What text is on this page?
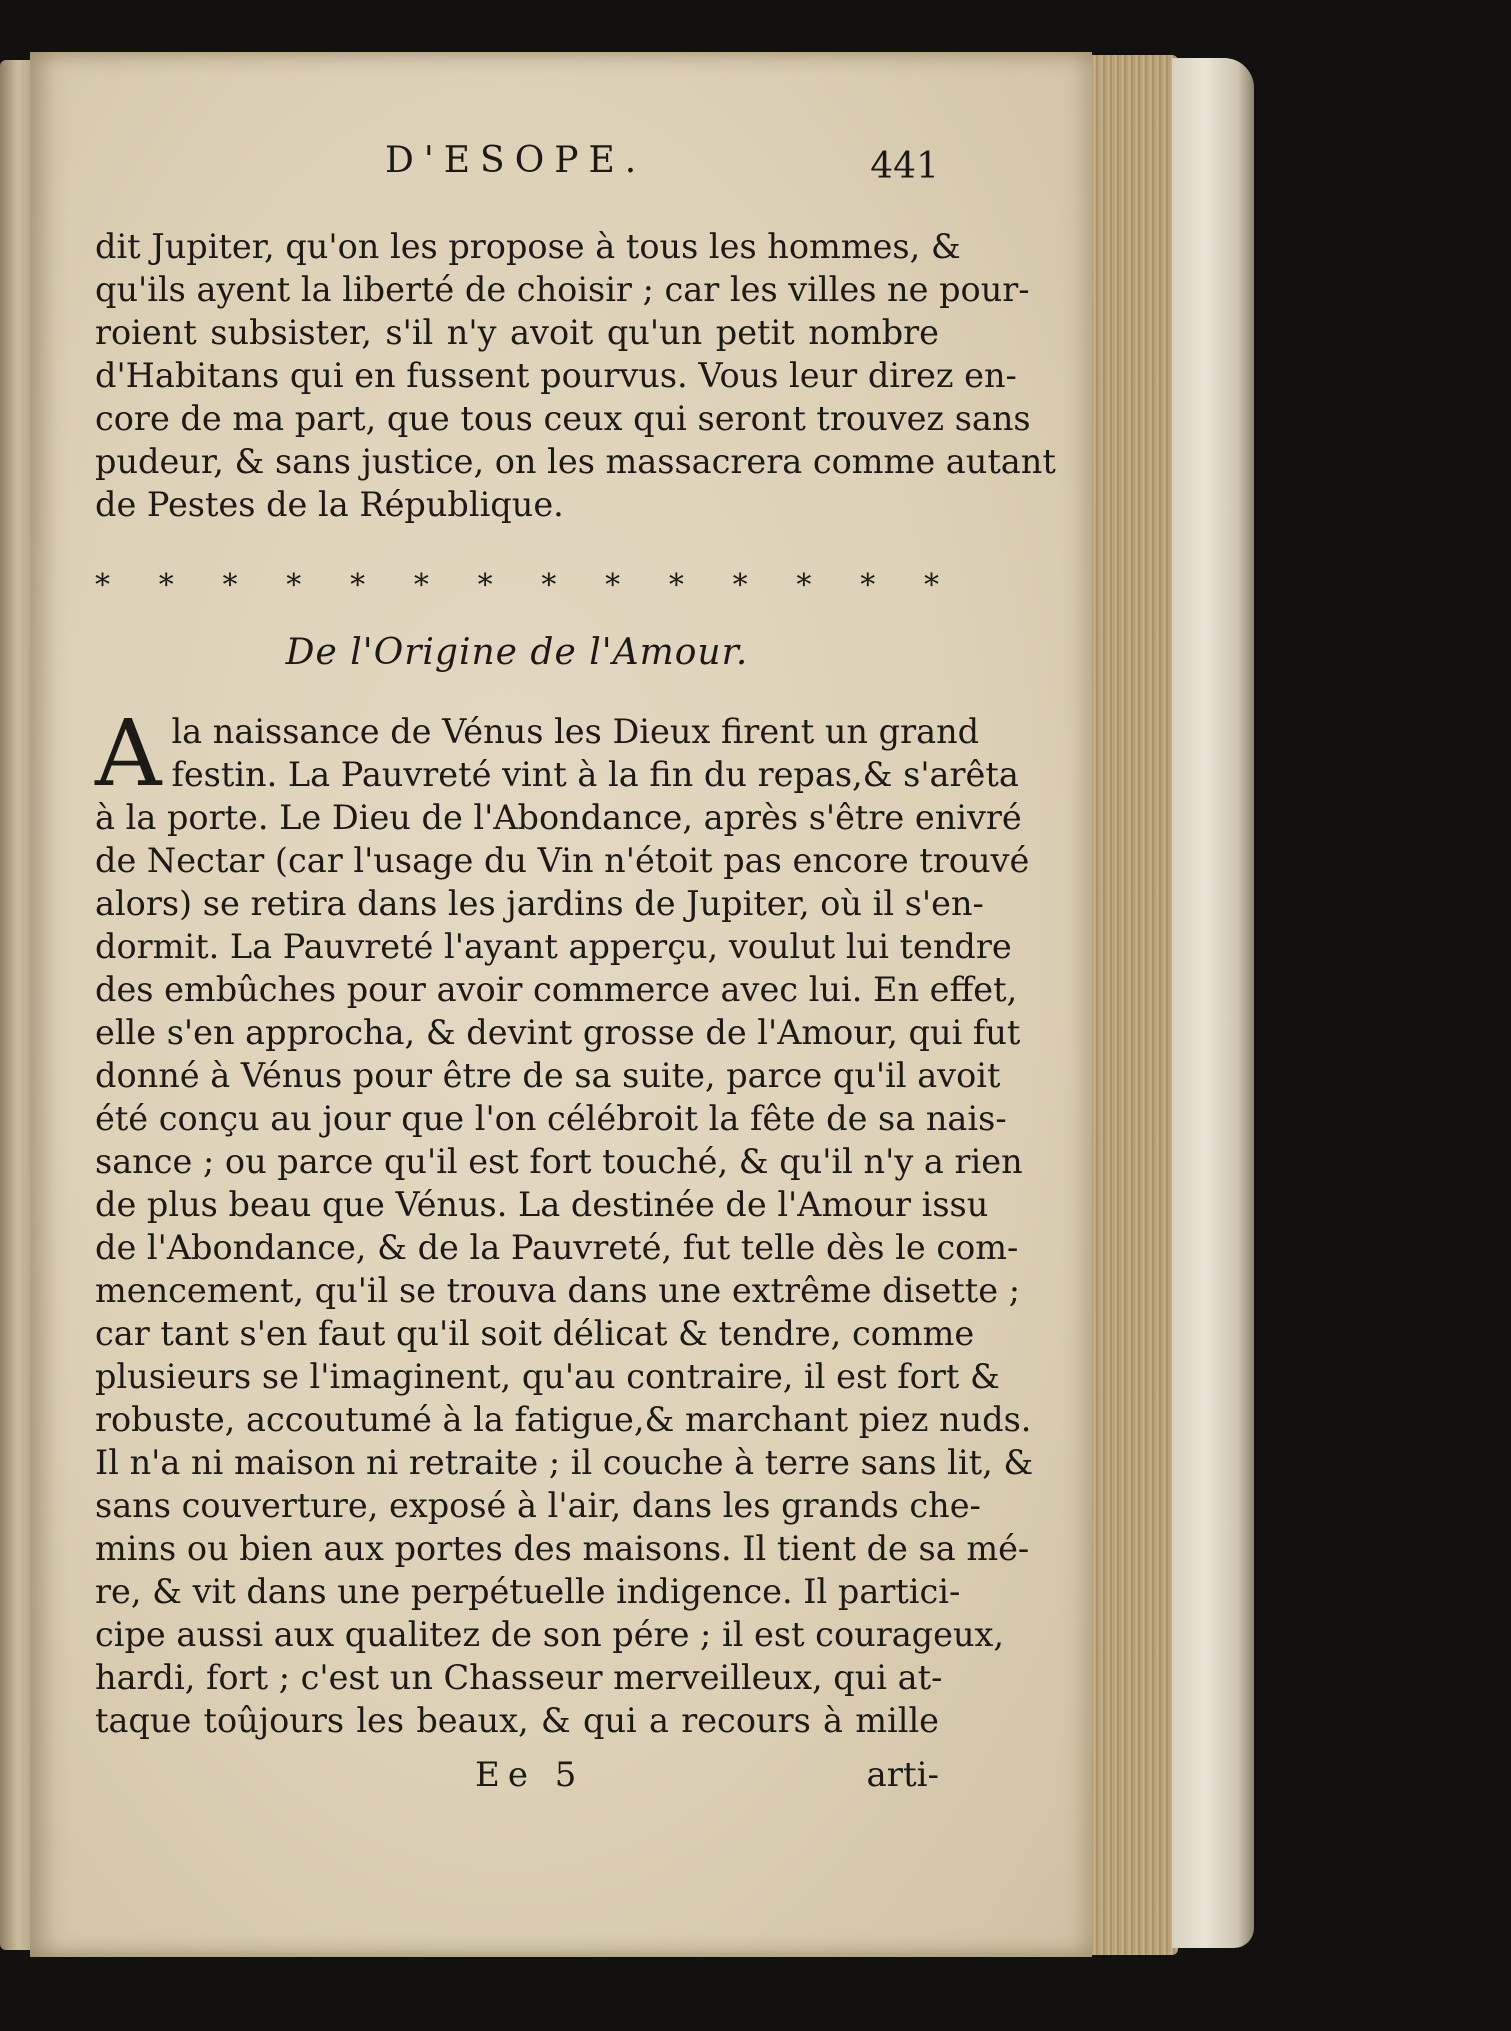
D'ESOPE.	441

dit Jupiter, qu'on les propose à tous les hommes, &

qu'ils ayent la liberté de choisir ; car les villes ne pour-

roient subsister, s'il n'y avoit qu'un petit nombre

d'Habitans qui en fussent pourvus. Vous leur direz en-

core de ma part, que tous ceux qui seront trouvez sans

pudeur, & sans justice, on les massacrera comme autant

de Pestes de la République.

* * * * * * * * * * * * * *
De l'Origine de l'Amour.
A la naissance de Vénus les Dieux firent un grand

festin. La Pauvreté vint à la fin du repas,& s'arêta

à la porte. Le Dieu de l'Abondance, après s'être enivré

de Nectar (car l'usage du Vin n'étoit pas encore trouvé

alors) se retira dans les jardins de Jupiter, où il s'en-

dormit. La Pauvreté l'ayant apperçu, voulut lui tendre

des embûches pour avoir commerce avec lui. En effet,

elle s'en approcha, & devint grosse de l'Amour, qui fut

donné à Vénus pour être de sa suite, parce qu'il avoit

été conçu au jour que l'on célébroit la fête de sa nais-

sance ; ou parce qu'il est fort touché, & qu'il n'y a rien

de plus beau que Vénus. La destinée de l'Amour issu

de l'Abondance, & de la Pauvreté, fut telle dès le com-

mencement, qu'il se trouva dans une extrême disette ;

car tant s'en faut qu'il soit délicat & tendre, comme

plusieurs se l'imaginent, qu'au contraire, il est fort &

robuste, accoutumé à la fatigue,& marchant piez nuds.

Il n'a ni maison ni retraite ; il couche à terre sans lit, &

sans couverture, exposé à l'air, dans les grands che-

mins ou bien aux portes des maisons. Il tient de sa mé-

re, & vit dans une perpétuelle indigence. Il partici-

cipe aussi aux qualitez de son pére ; il est courageux,

hardi, fort ; c'est un Chasseur merveilleux, qui at-

taque toûjours les beaux, & qui a recours à mille

Ee 5	arti-
